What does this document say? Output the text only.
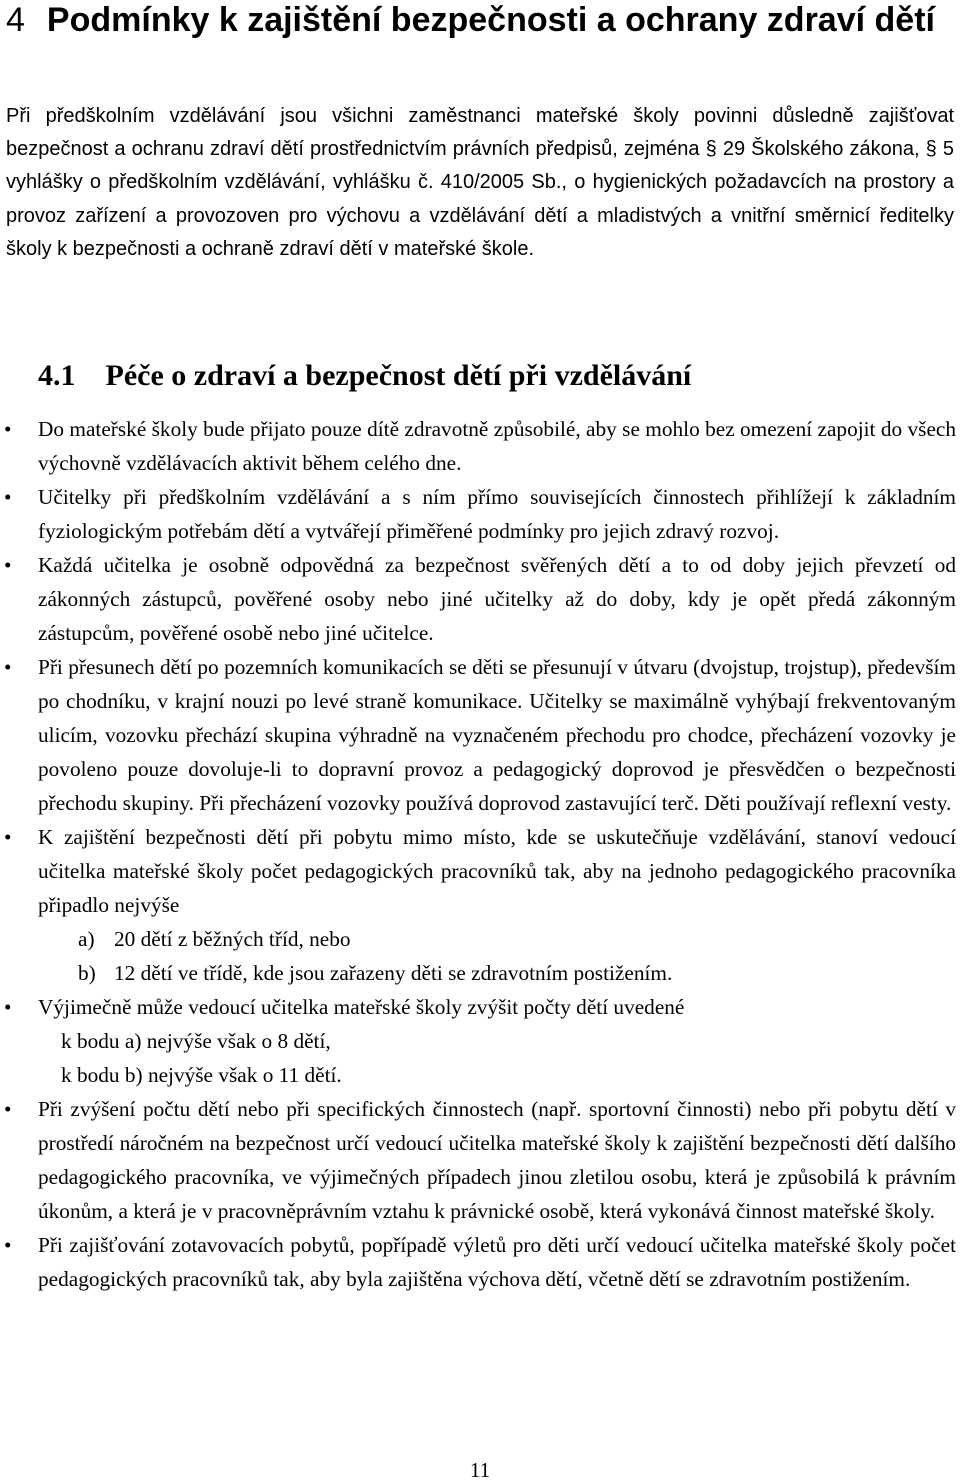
4 Podmínky k zajištění bezpečnosti a ochrany zdraví dětí
Při předškolním vzdělávání jsou všichni zaměstnanci mateřské školy povinni důsledně zajišťovat bezpečnost a ochranu zdraví dětí prostřednictvím právních předpisů, zejména § 29 Školského zákona, § 5 vyhlášky o předškolním vzdělávání, vyhlášku č. 410/2005 Sb., o hygienických požadavcích na prostory a provoz zařízení a provozoven pro výchovu a vzdělávání dětí a mladistvých a vnitřní směrnicí ředitelky školy k bezpečnosti a ochraně zdraví dětí v mateřské škole.
4.1 Péče o zdraví a bezpečnost dětí při vzdělávání
•	Do mateřské školy bude přijato pouze dítě zdravotně způsobilé, aby se mohlo bez omezení zapojit do všech výchovně vzdělávacích aktivit během celého dne.
•	Učitelky při předškolním vzdělávání a s ním přímo souvisejících činnostech přihlížejí k základním fyziologickým potřebám dětí a vytvářejí přiměřené podmínky pro jejich zdravý rozvoj.
•	Každá učitelka je osobně odpovědná za bezpečnost svěřených dětí a to od doby jejich převzetí od zákonných zástupců, pověřené osoby nebo jiné učitelky až do doby, kdy je opět předá zákonným zástupcům, pověřené osobě nebo jiné učitelce.
•	Při přesunech dětí po pozemních komunikacích se děti se přesunují v útvaru (dvojstup, trojstup), především po chodníku, v krajní nouzi po levé straně komunikace. Učitelky se maximálně vyhýbají frekventovaným ulicím, vozovku přechází skupina výhradně na vyznačeném přechodu pro chodce, přecházení vozovky je povoleno pouze dovoluje-li to dopravní provoz a pedagogický doprovod je přesvědčen o bezpečnosti přechodu skupiny. Při přecházení vozovky používá doprovod zastavující terč. Děti používají reflexní vesty.
•	K zajištění bezpečnosti dětí při pobytu mimo místo, kde se uskutečňuje vzdělávání, stanoví vedoucí učitelka mateřské školy počet pedagogických pracovníků tak, aby na jednoho pedagogického pracovníka připadlo nejvýše
a) 20 dětí z běžných tříd, nebo
b) 12 dětí ve třídě, kde jsou zařazeny děti se zdravotním postižením.
•	Výjimečně může vedoucí učitelka mateřské školy zvýšit počty dětí uvedené
k bodu a) nejvýše však o 8 dětí,
k bodu b) nejvýše však o 11 dětí.
•	Při zvýšení počtu dětí nebo při specifických činnostech (např. sportovní činnosti) nebo při pobytu dětí v prostředí náročném na bezpečnost určí vedoucí učitelka mateřské školy k zajištění bezpečnosti dětí dalšího pedagogického pracovníka, ve výjimečných případech jinou zletilou osobu, která je způsobilá k právním úkonům, a která je v pracovněprávním vztahu k právnické osobě, která vykonává činnost mateřské školy.
•	Při zajišťování zotavovacích pobytů, popřípadě výletů pro děti určí vedoucí učitelka mateřské školy počet pedagogických pracovníků tak, aby byla zajištěna výchova dětí, včetně dětí se zdravotním postižením.
11
